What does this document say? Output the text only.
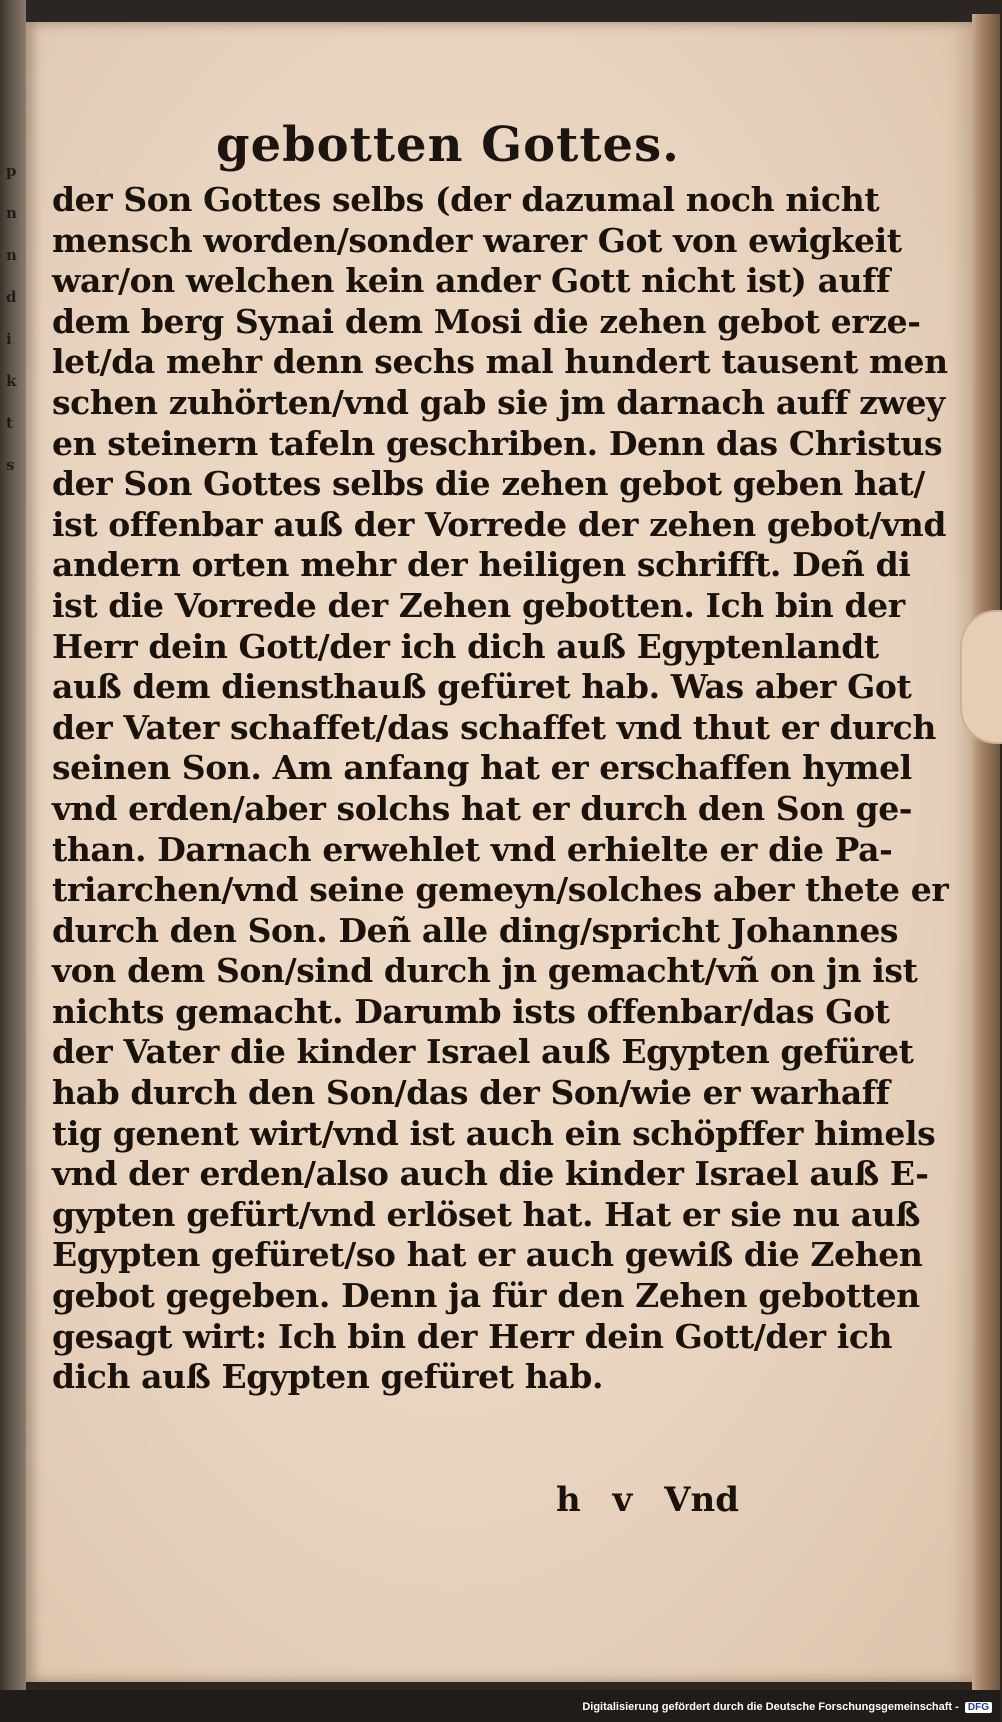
p
n
n
d
i
k
t
s
gebotten Gottes.
der Son Gottes selbs (der dazumal noch nicht
mensch worden/sonder warer Got von ewigkeit
war/on welchen kein ander Gott nicht ist) auff
dem berg Synai dem Mosi die zehen gebot erze-
let/da mehr denn sechs mal hundert tausent men
schen zuhörten/vnd gab sie jm darnach auff zwey
en steinern tafeln geschriben. Denn das Christus
der Son Gottes selbs die zehen gebot geben hat/
ist offenbar auß der Vorrede der zehen gebot/vnd
andern orten mehr der heiligen schrifft. Deñ di
ist die Vorrede der Zehen gebotten. Ich bin der
Herr dein Gott/der ich dich auß Egyptenlandt
auß dem diensthauß gefüret hab. Was aber Got
der Vater schaffet/das schaffet vnd thut er durch
seinen Son. Am anfang hat er erschaffen hymel
vnd erden/aber solchs hat er durch den Son ge-
than. Darnach erwehlet vnd erhielte er die Pa-
triarchen/vnd seine gemeyn/solches aber thete er
durch den Son. Deñ alle ding/spricht Johannes
von dem Son/sind durch jn gemacht/vñ on jn ist
nichts gemacht. Darumb ists offenbar/das Got
der Vater die kinder Israel auß Egypten gefüret
hab durch den Son/das der Son/wie er warhaff
tig genent wirt/vnd ist auch ein schöpffer himels
vnd der erden/also auch die kinder Israel auß E-
gypten gefürt/vnd erlöset hat. Hat er sie nu auß
Egypten gefüret/so hat er auch gewiß die Zehen
gebot gegeben. Denn ja für den Zehen gebotten
gesagt wirt: Ich bin der Herr dein Gott/der ich
dich auß Egypten gefüret hab.
h v Vnd
Digitalisierung gefördert durch die Deutsche Forschungsgemeinschaft - DFG
